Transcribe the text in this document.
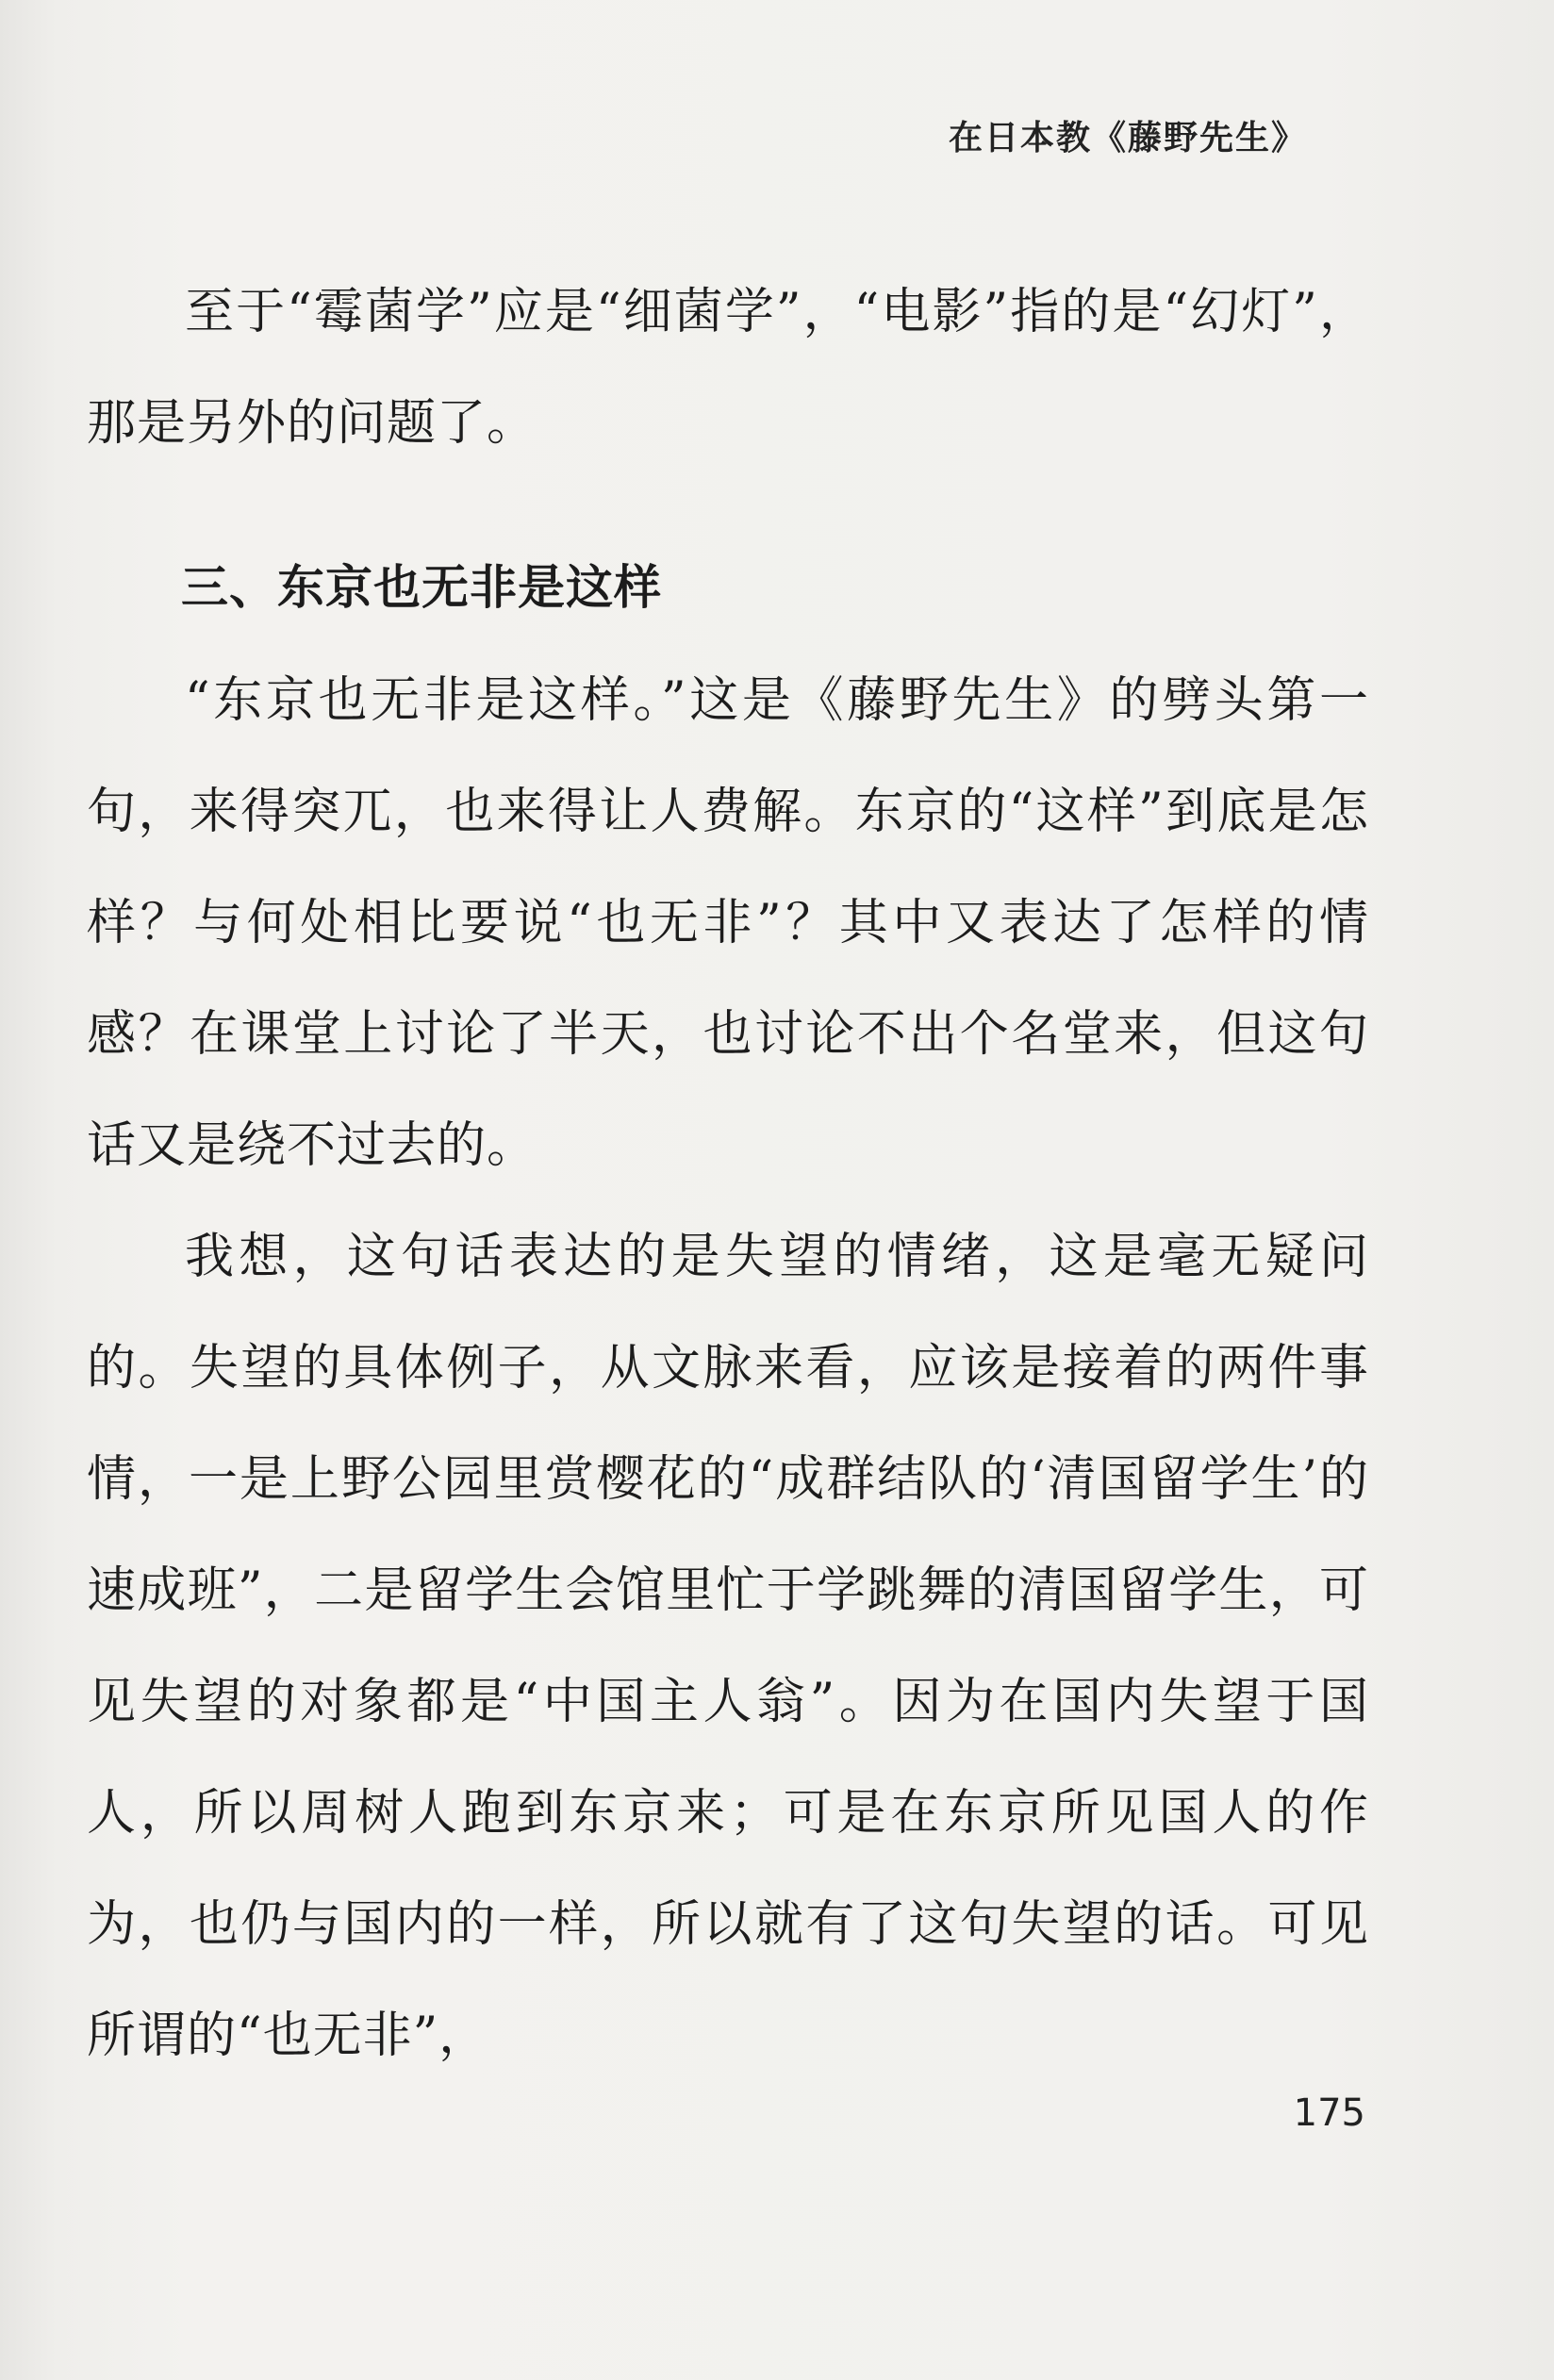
在日本教《藤野先生》

至于“霉菌学”应是“细菌学”，“电影”指的是“幻灯”，那是另外的问题了。

三、东京也无非是这样

“东京也无非是这样。”这是《藤野先生》的劈头第一句，来得突兀，也来得让人费解。东京的“这样”到底是怎样？与何处相比要说“也无非”？其中又表达了怎样的情感？在课堂上讨论了半天，也讨论不出个名堂来，但这句话又是绕不过去的。

我想，这句话表达的是失望的情绪，这是毫无疑问的。失望的具体例子，从文脉来看，应该是接着的两件事情，一是上野公园里赏樱花的“成群结队的‘清国留学生’的速成班”，二是留学生会馆里忙于学跳舞的清国留学生，可见失望的对象都是“中国主人翁”。因为在国内失望于国人，所以周树人跑到东京来；可是在东京所见国人的作为，也仍与国内的一样，所以就有了这句失望的话。可见所谓的“也无非”，

175
